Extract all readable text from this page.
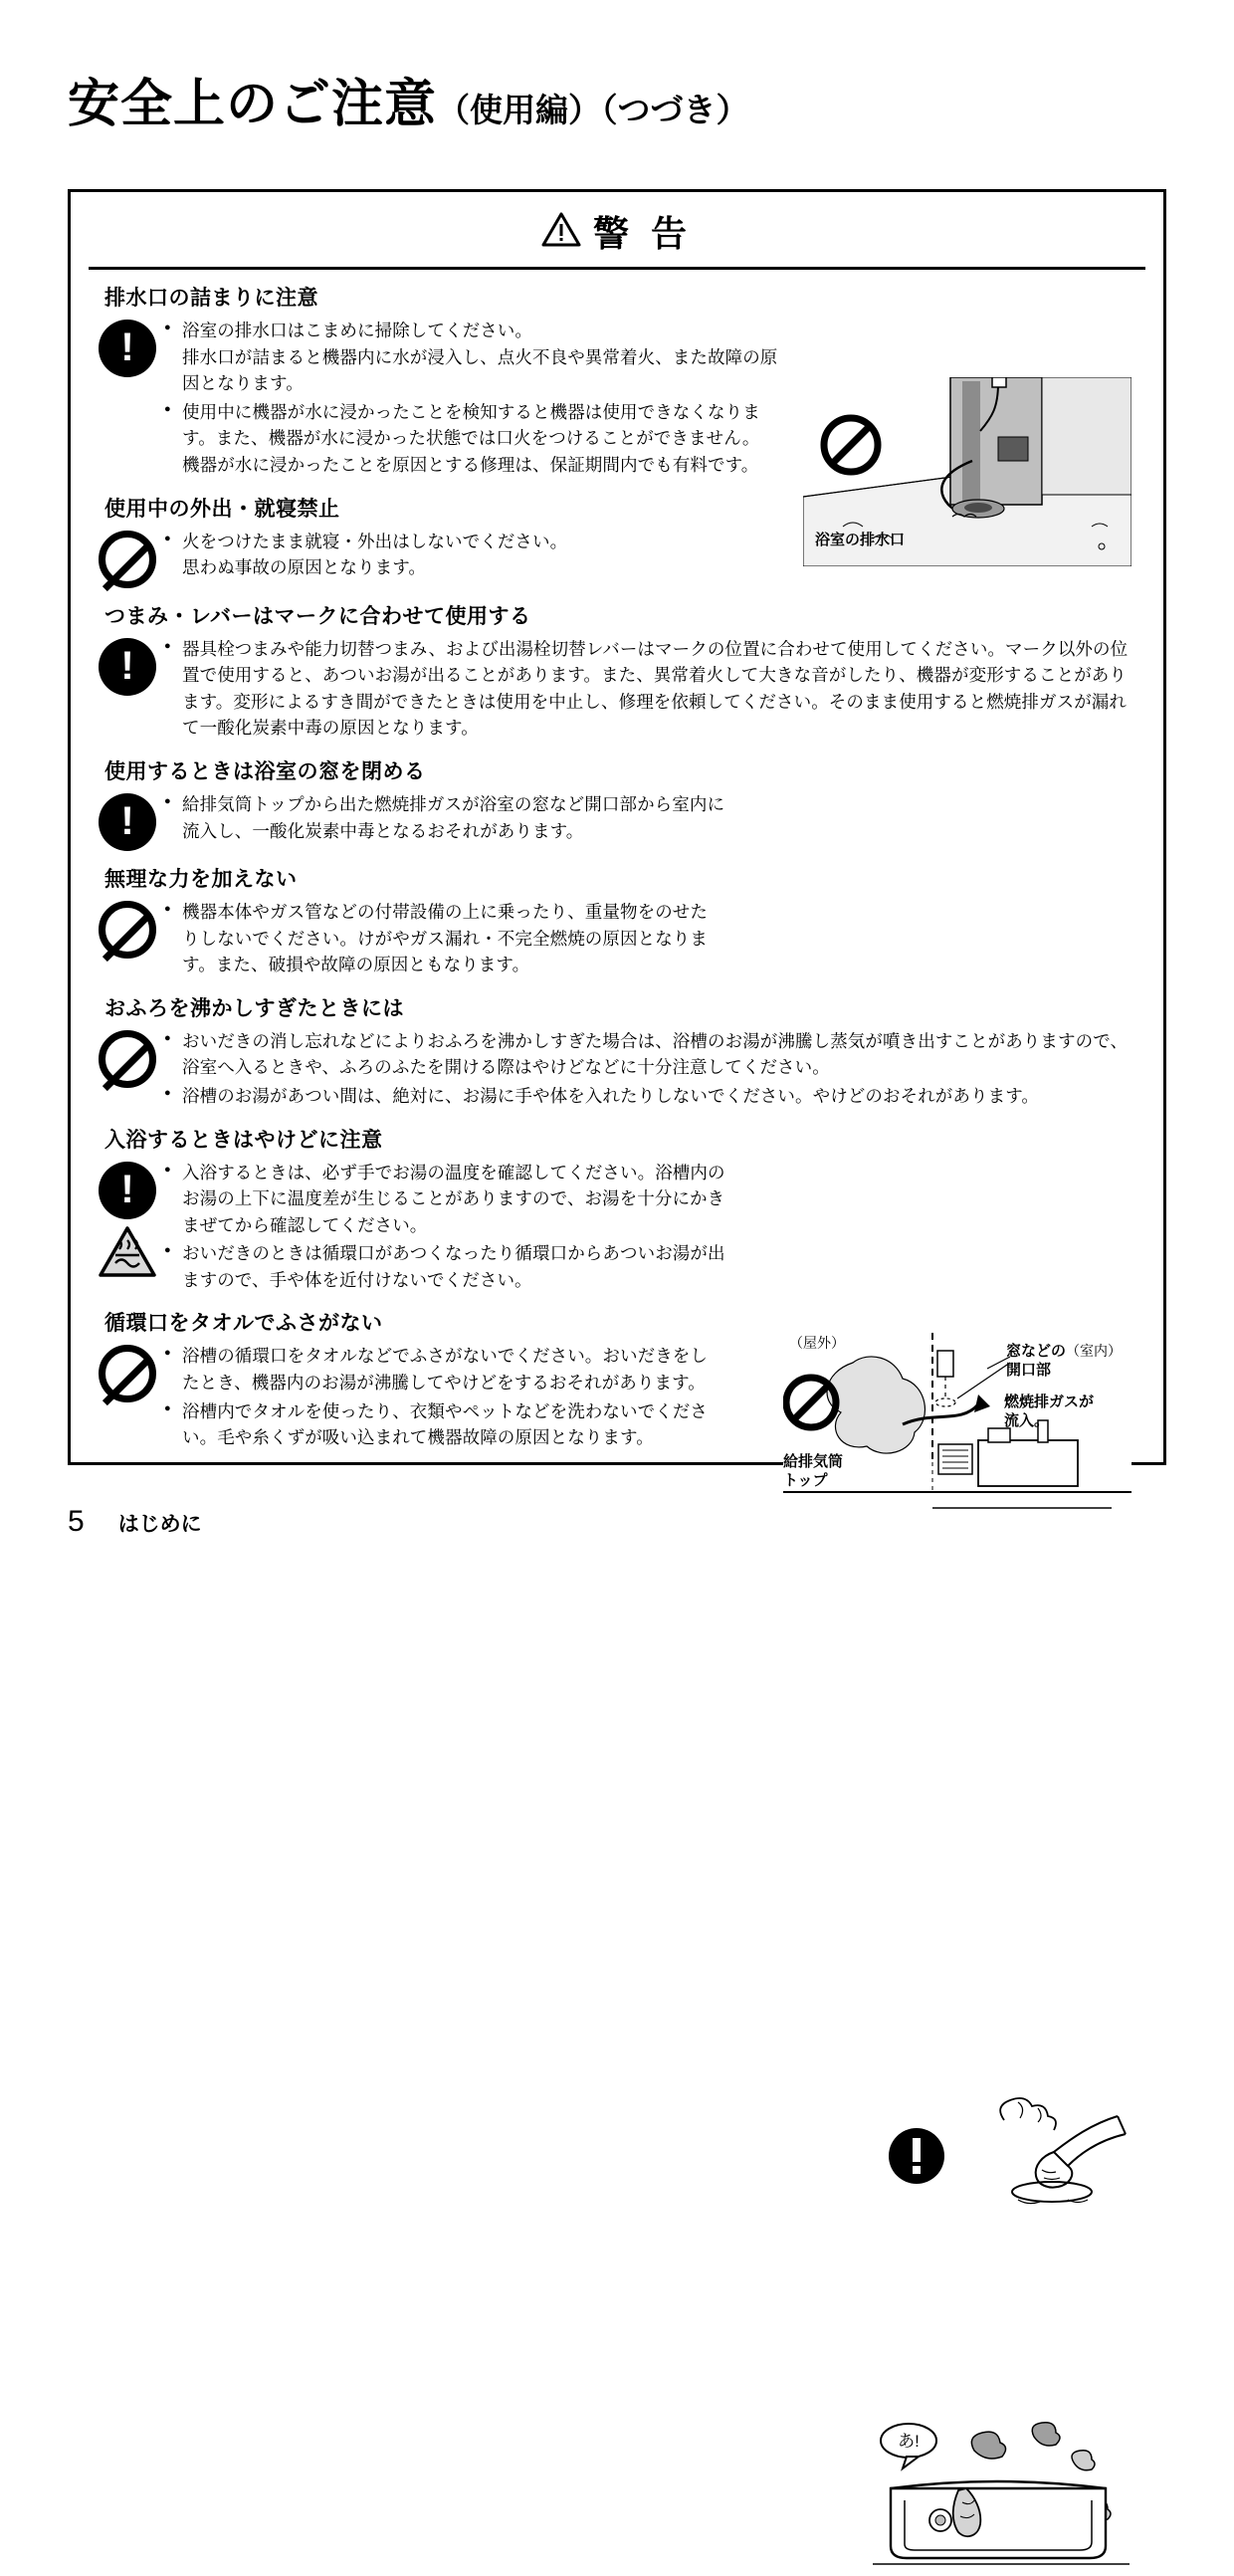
安全上のご注意（使用編）（つづき）
警 告
排水口の詰まりに注意
!	● 浴室の排水口はこまめに掃除してください。

排水口が詰まると機器内に水が浸入し、点火不良や異常着火、また故障の原因となります。
● 使用中に機器が水に浸かったことを検知すると機器は使用できなくなります。また、機器が水に浸かった状態では口火をつけることができません。

機器が水に浸かったことを原因とする修理は、保証期間内でも有料です。
浴室の排水口
使用中の外出・就寝禁止
● 火をつけたまま就寝・外出はしないでください。

思わぬ事故の原因となります。
つまみ・レバーはマークに合わせて使用する
!	● 器具栓つまみや能力切替つまみ、および出湯栓切替レバーはマークの位置に合わせて使用してください。マーク以外の位置で使用すると、あついお湯が出ることがあります。また、異常着火して大きな音がしたり、機器が変形することがあります。変形によるすき間ができたときは使用を中止し、修理を依頼してください。そのまま使用すると燃焼排ガスが漏れて一酸化炭素中毒の原因となります。
使用するときは浴室の窓を閉める
!	● 給排気筒トップから出た燃焼排ガスが浴室の窓など開口部から室内に流入し、一酸化炭素中毒となるおそれがあります。
（屋外）	窓などの（室内）
開口部
燃焼排ガスが
流入。
給排気筒
トップ
無理な力を加えない
● 機器本体やガス管などの付帯設備の上に乗ったり、重量物をのせたりしないでください。けがやガス漏れ・不完全燃焼の原因となります。また、破損や故障の原因ともなります。
おふろを沸かしすぎたときには
● おいだきの消し忘れなどによりおふろを沸かしすぎた場合は、浴槽のお湯が沸騰し蒸気が噴き出すことがありますので、浴室へ入るときや、ふろのふたを開ける際はやけどなどに十分注意してください。
● 浴槽のお湯があつい間は、絶対に、お湯に手や体を入れたりしないでください。やけどのおそれがあります。
入浴するときはやけどに注意
!	● 入浴するときは、必ず手でお湯の温度を確認してください。浴槽内のお湯の上下に温度差が生じることがありますので、お湯を十分にかきまぜてから確認してください。
● おいだきのときは循環口があつくなったり循環口からあついお湯が出ますので、手や体を近付けないでください。
循環口をタオルでふさがない
● 浴槽の循環口をタオルなどでふさがないでください。おいだきをしたとき、機器内のお湯が沸騰してやけどをするおそれがあります。
● 浴槽内でタオルを使ったり、衣類やペットなどを洗わないでください。毛や糸くずが吸い込まれて機器故障の原因となります。
あ!
5 はじめに
